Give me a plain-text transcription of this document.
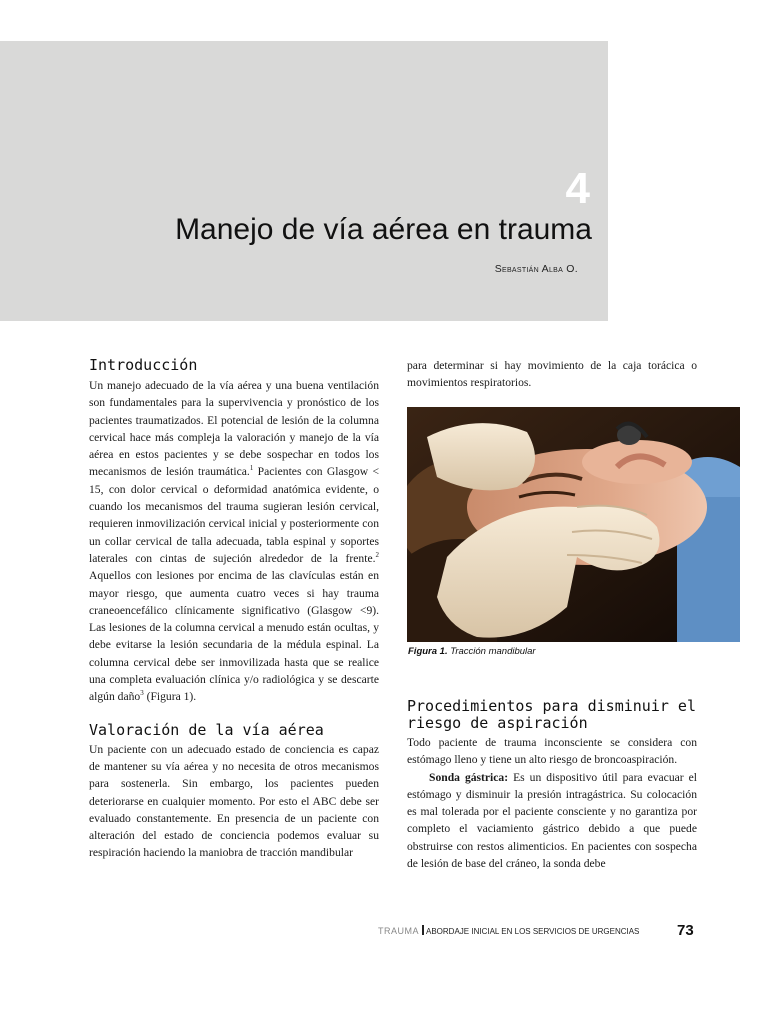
4
Manejo de vía aérea en trauma
Sebastián Alba O.
Introducción

Un manejo adecuado de la vía aérea y una buena ventilación son fundamentales para la supervivencia y pronóstico de los pacientes traumatizados. El potencial de lesión de la columna cervical hace más compleja la valoración y manejo de la vía aérea en estos pacientes y se debe sospechar en todos los mecanismos de lesión traumática.$^1$ Pacientes con Glasgow < 15, con dolor cervical o deformidad anatómica evidente, o cuando los mecanismos del trauma sugieran lesión cervical, requieren inmovilización cervical inicial y posteriormente con un collar cervical de talla adecuada, tabla espinal y soportes laterales con cintas de sujeción alrededor de la frente.$^2$ Aquellos con lesiones por encima de las clavículas están en mayor riesgo, que aumenta cuatro veces si hay trauma craneoencefálico clínicamente significativo (Glasgow <9). Las lesiones de la columna cervical a menudo están ocultas, y debe evitarse la lesión secundaria de la médula espinal. La columna cervical debe ser inmovilizada hasta que se realice una completa evaluación clínica y/o radiológica y se descarte algún daño$^3$ (Figura 1).

Valoración de la vía aérea

Un paciente con un adecuado estado de conciencia es capaz de mantener su vía aérea y no necesita de otros mecanismos para sostenerla. Sin embargo, los pacientes pueden deteriorarse en cualquier momento. Por esto el ABC debe ser evaluado constantemente. En presencia de un paciente con alteración del estado de conciencia podemos evaluar su respiración haciendo la maniobra de tracción mandibular

para determinar si hay movimiento de la caja torácica o movimientos respiratorios.

Figura 1. Tracción mandibular
Procedimientos para disminuir el riesgo de aspiración

Todo paciente de trauma inconsciente se considera con estómago lleno y tiene un alto riesgo de broncoaspiración.

Sonda gástrica: Es un dispositivo útil para evacuar el estómago y disminuir la presión intragástrica. Su colocación es mal tolerada por el paciente consciente y no garantiza por completo el vaciamiento gástrico debido a que puede obstruirse con restos alimenticios. En pacientes con sospecha de lesión de base del cráneo, la sonda debe

TRAUMA ABORDAJE INICIAL EN LOS SERVICIOS DE URGENCIAS	73
